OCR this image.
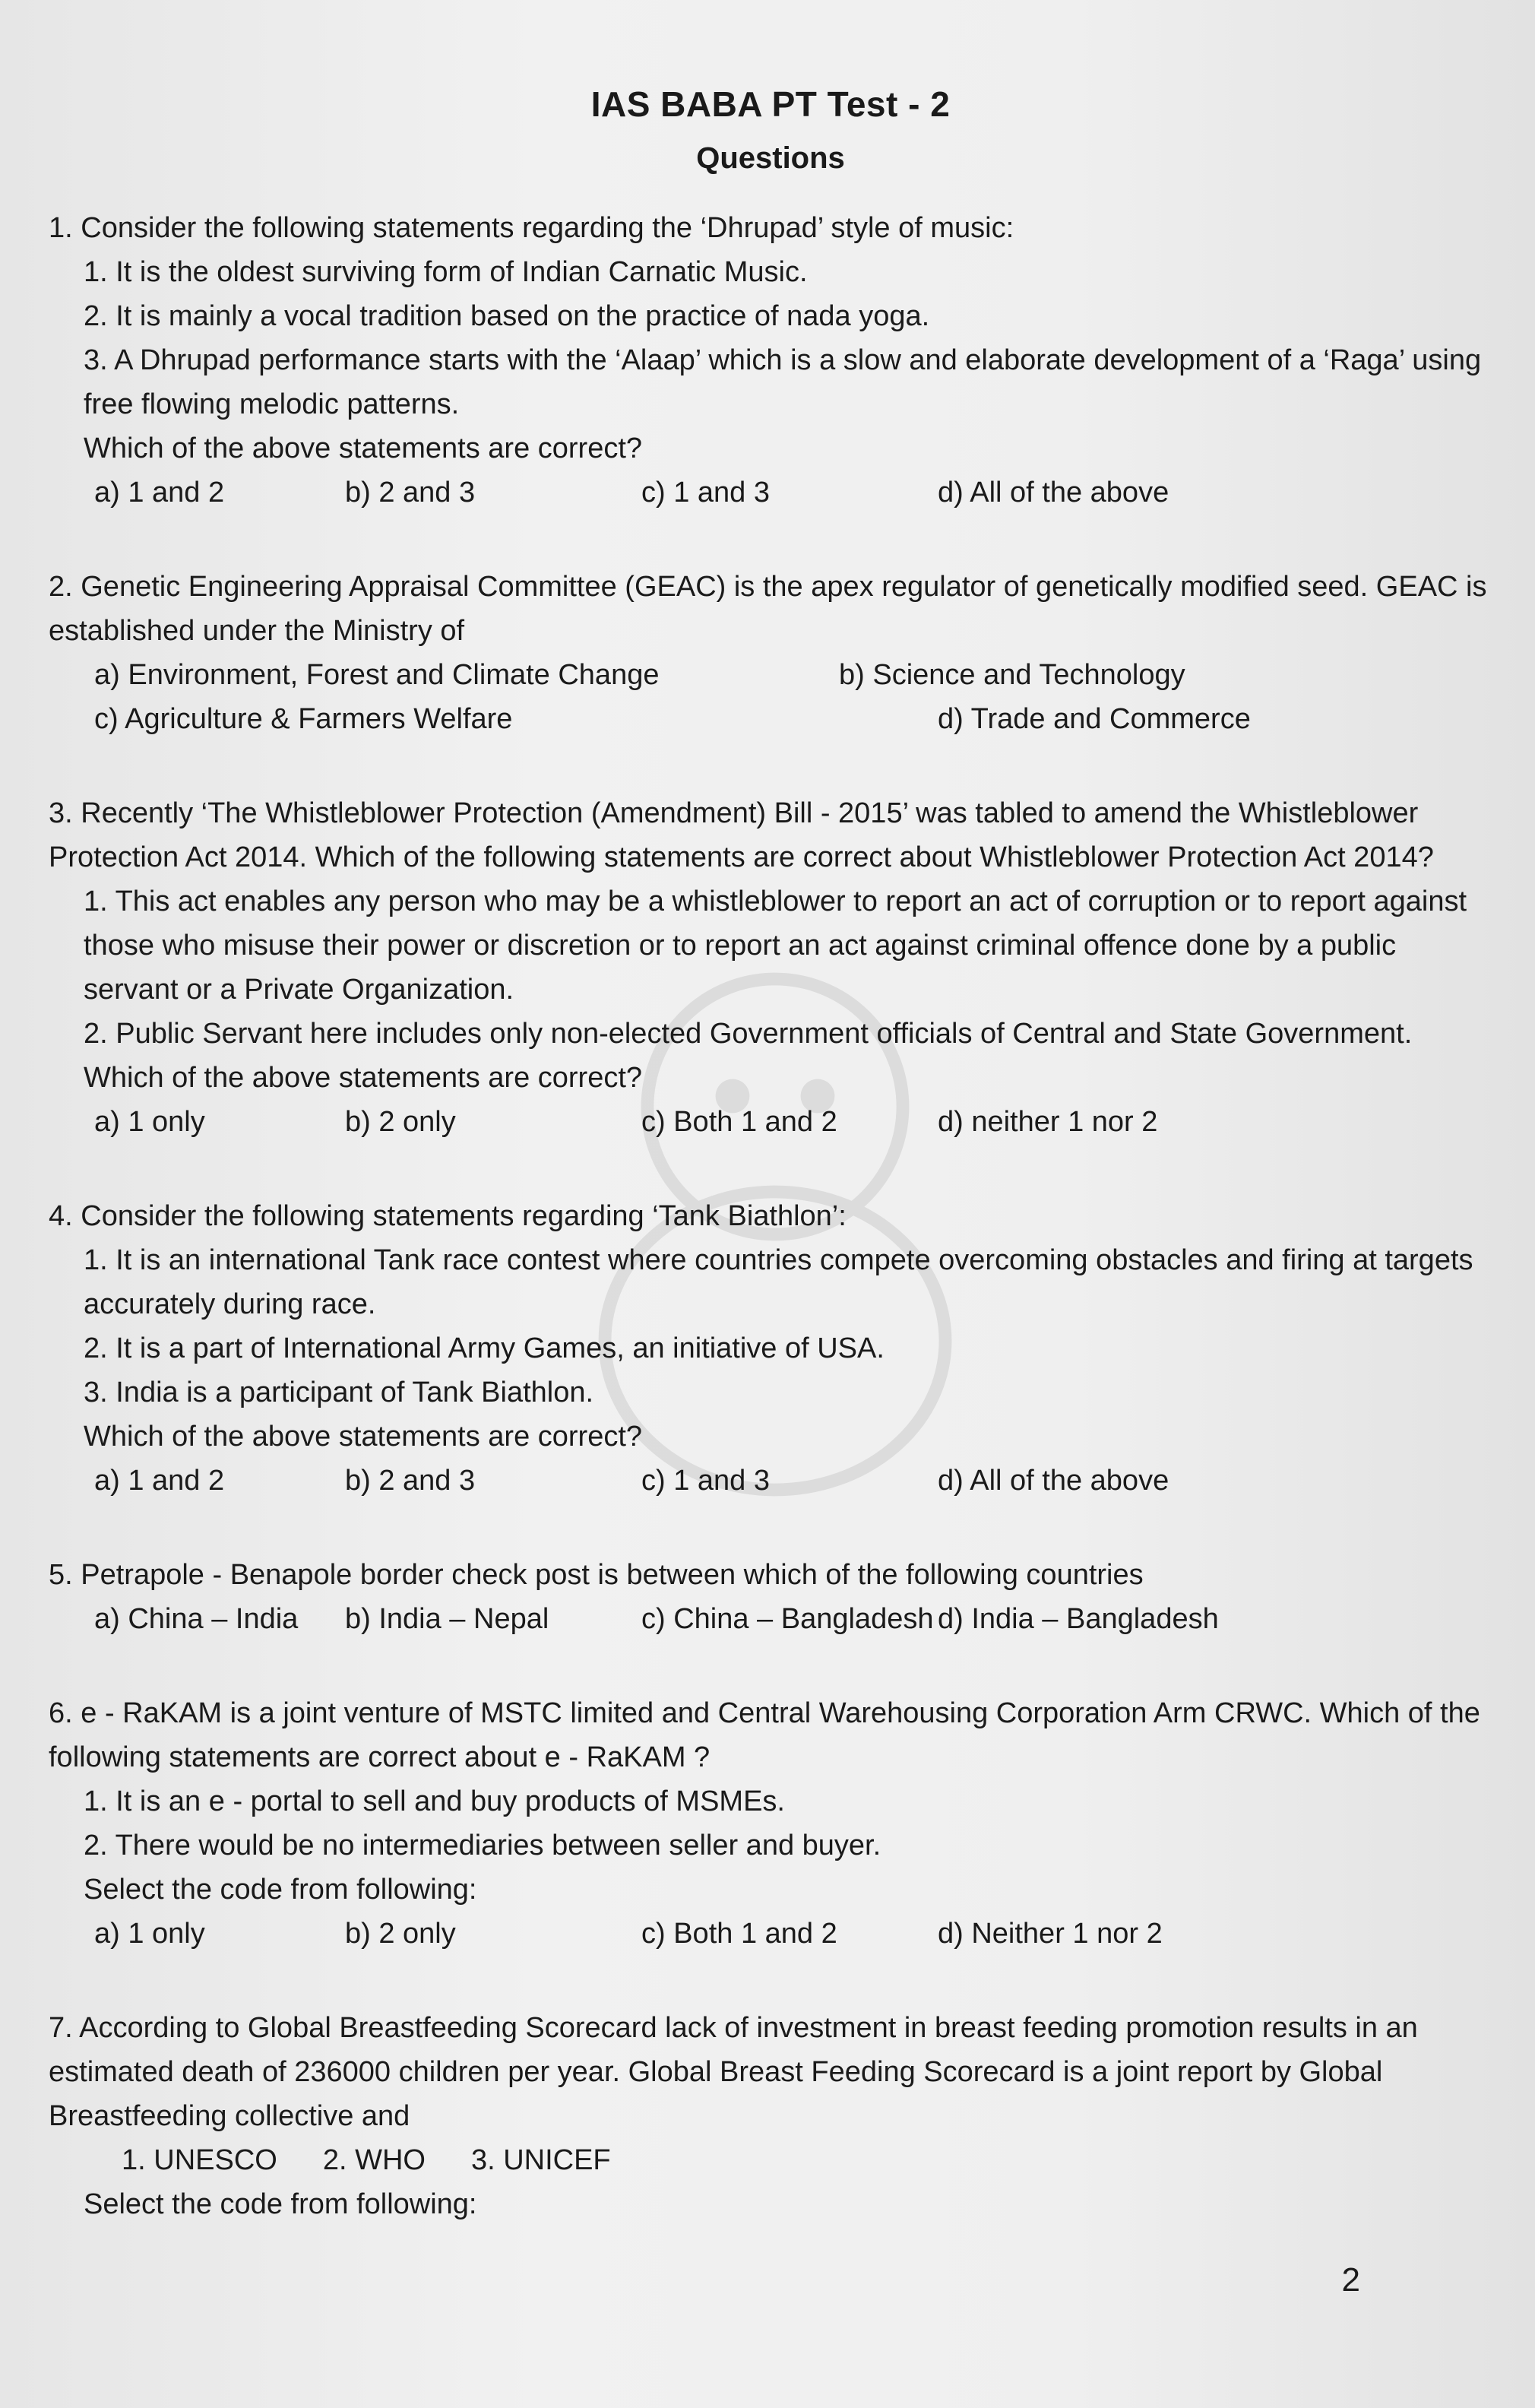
IAS BABA PT Test - 2
Questions

1. Consider the following statements regarding the ‘Dhrupad’ style of music:

1. It is the oldest surviving form of Indian Carnatic Music.

2. It is mainly a vocal tradition based on the practice of nada yoga.

3. A Dhrupad performance starts with the ‘Alaap’ which is a slow and elaborate development of a ‘Raga’ using free flowing melodic patterns.

Which of the above statements are correct?

a) 1 and 2	b) 2 and 3	c) 1 and 3	d) All of the above

2. Genetic Engineering Appraisal Committee (GEAC) is the apex regulator of genetically modified seed. GEAC is established under the Ministry of

a) Environment, Forest and Climate Change	b) Science and Technology
c) Agriculture & Farmers Welfare	d) Trade and Commerce

3. Recently ‘The Whistleblower Protection (Amendment) Bill - 2015’ was tabled to amend the Whistleblower Protection Act 2014. Which of the following statements are correct about Whistleblower Protection Act 2014?

1. This act enables any person who may be a whistleblower to report an act of corruption or to report against those who misuse their power or discretion or to report an act against criminal offence done by a public servant or a Private Organization.

2. Public Servant here includes only non-elected Government officials of Central and State Government.

Which of the above statements are correct?

a) 1 only	b) 2 only	c) Both 1 and 2	d) neither 1 nor 2

4. Consider the following statements regarding ‘Tank Biathlon’:

1. It is an international Tank race contest where countries compete overcoming obstacles and firing at targets accurately during race.

2. It is a part of International Army Games, an initiative of USA.

3. India is a participant of Tank Biathlon.

Which of the above statements are correct?

a) 1 and 2	b) 2 and 3	c) 1 and 3	d) All of the above

5. Petrapole - Benapole border check post is between which of the following countries

a) China – India	b) India – Nepal	c) China – Bangladesh d) India – Bangladesh

6. e - RaKAM is a joint venture of MSTC limited and Central Warehousing Corporation Arm CRWC. Which of the following statements are correct about e - RaKAM ?

1. It is an e - portal to sell and buy products of MSMEs.

2. There would be no intermediaries between seller and buyer.

Select the code from following:

a) 1 only	b) 2 only	c) Both 1 and 2	d) Neither 1 nor 2

7. According to Global Breastfeeding Scorecard lack of investment in breast feeding promotion results in an estimated death of 236000 children per year. Global Breast Feeding Scorecard is a joint report by Global Breastfeeding collective and

1. UNESCO 2. WHO 3. UNICEF

Select the code from following:

2
